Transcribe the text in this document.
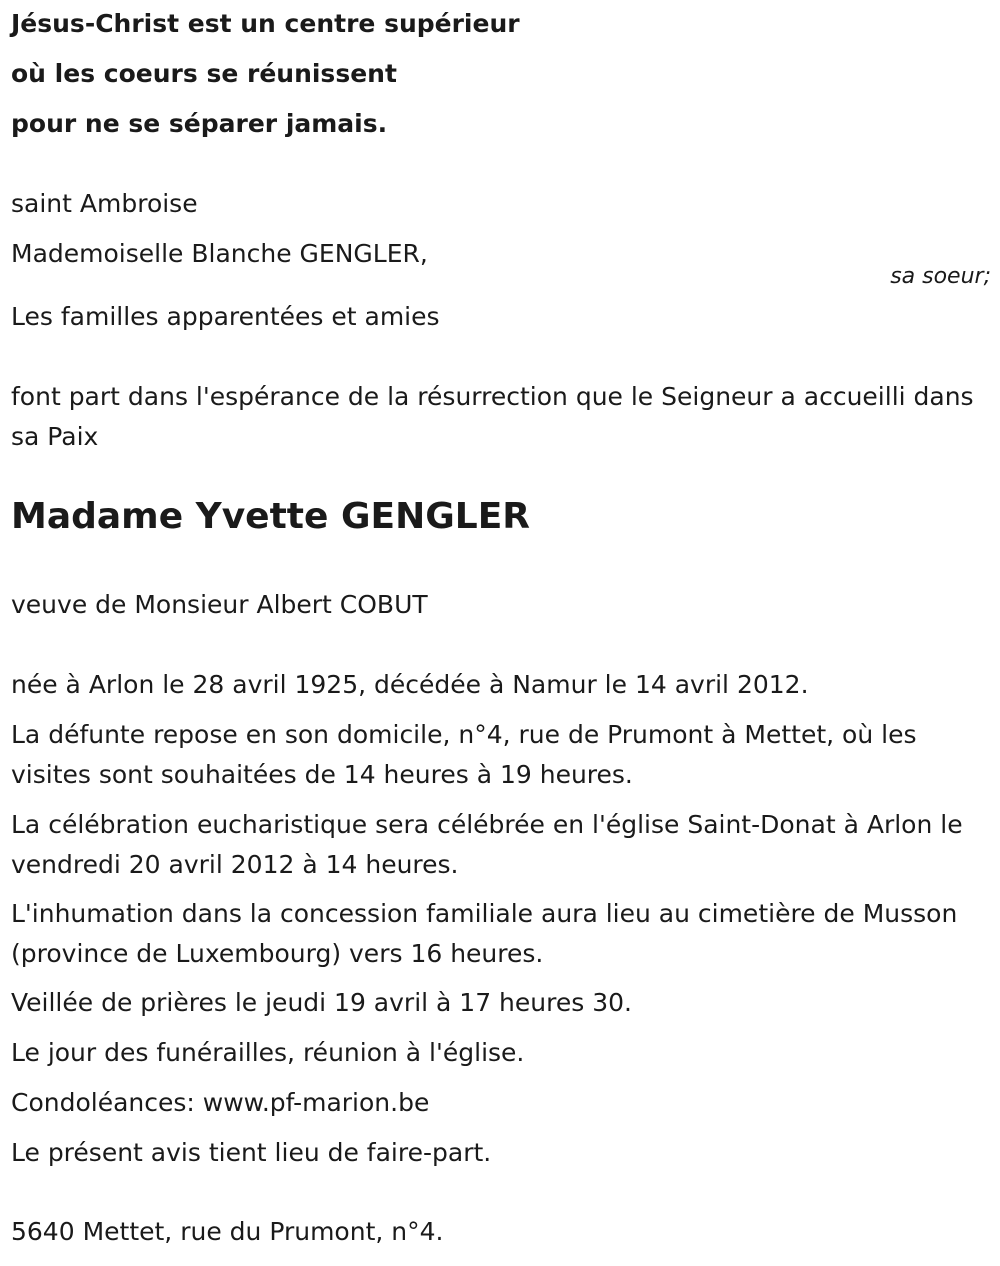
Jésus-Christ est un centre supérieur
où les coeurs se réunissent
pour ne se séparer jamais.
saint Ambroise
Mademoiselle Blanche GENGLER,
sa soeur;
Les familles apparentées et amies
font part dans l'espérance de la résurrection que le Seigneur a accueilli dans sa Paix
Madame Yvette GENGLER
veuve de Monsieur Albert COBUT
née à Arlon le 28 avril 1925, décédée à Namur le 14 avril 2012.
La défunte repose en son domicile, n°4, rue de Prumont à Mettet, où les visites sont souhaitées de 14 heures à 19 heures.
La célébration eucharistique sera célébrée en l'église Saint-Donat à Arlon le vendredi 20 avril 2012 à 14 heures.
L'inhumation dans la concession familiale aura lieu au cimetière de Musson (province de Luxembourg) vers 16 heures.
Veillée de prières le jeudi 19 avril à 17 heures 30.
Le jour des funérailles, réunion à l'église.
Condoléances: www.pf-marion.be
Le présent avis tient lieu de faire-part.
5640 Mettet, rue du Prumont, n°4.
